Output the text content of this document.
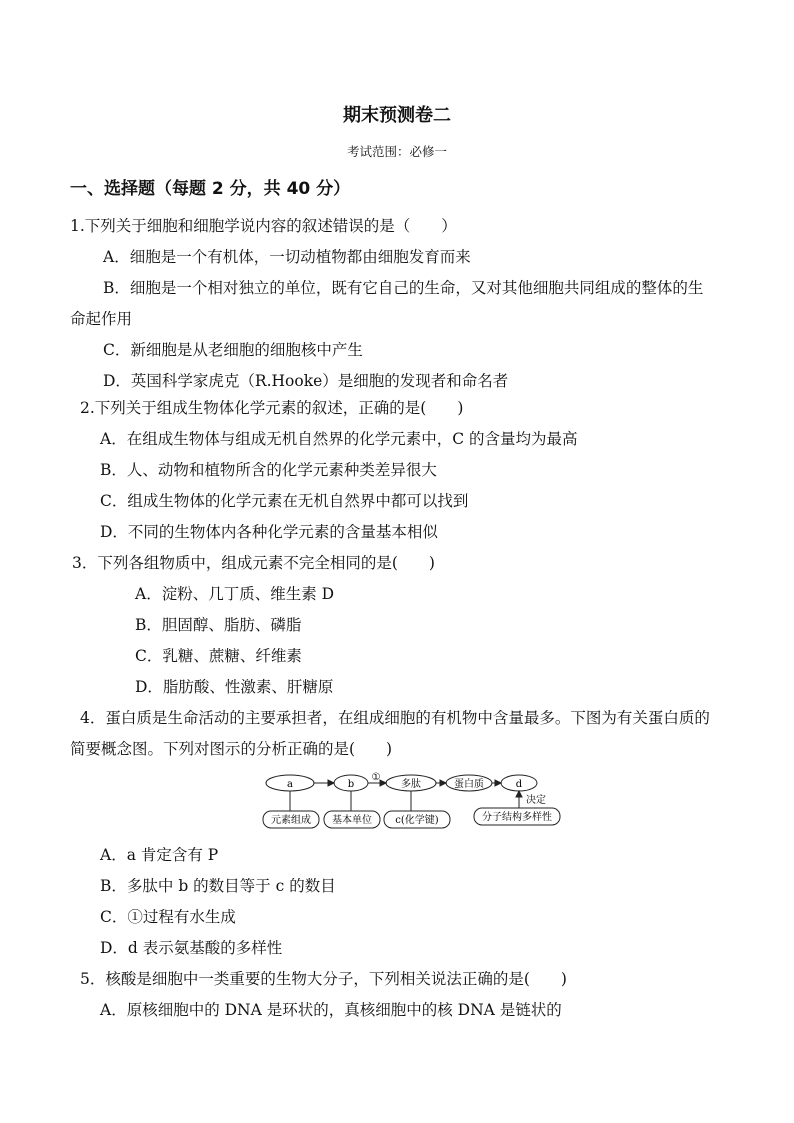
期末预测卷二
考试范围：必修一
一、选择题（每题 2 分，共 40 分）
1.下列关于细胞和细胞学说内容的叙述错误的是（　　）
A．细胞是一个有机体，一切动植物都由细胞发育而来
B．细胞是一个相对独立的单位，既有它自己的生命，又对其他细胞共同组成的整体的生
命起作用
C．新细胞是从老细胞的细胞核中产生
D．英国科学家虎克（R.Hooke）是细胞的发现者和命名者
2.下列关于组成生物体化学元素的叙述，正确的是(　　)
A．在组成生物体与组成无机自然界的化学元素中，C 的含量均为最高
B．人、动物和植物所含的化学元素种类差异很大
C．组成生物体的化学元素在无机自然界中都可以找到
D．不同的生物体内各种化学元素的含量基本相似
3．下列各组物质中，组成元素不完全相同的是(　　)
A．淀粉、几丁质、维生素 D
B．胆固醇、脂肪、磷脂
C．乳糖、蔗糖、纤维素
D．脂肪酸、性激素、肝糖原
4．蛋白质是生命活动的主要承担者，在组成细胞的有机物中含量最多。下图为有关蛋白质的
简要概念图。下列对图示的分析正确的是(　　)
a	b	多肽	蛋白质	d
①
决定
元素组成 基本单位 c(化学键)	分子结构多样性
A．a 肯定含有 P
B．多肽中 b 的数目等于 c 的数目
C．①过程有水生成
D．d 表示氨基酸的多样性
5．核酸是细胞中一类重要的生物大分子，下列相关说法正确的是(　　)
A．原核细胞中的 DNA 是环状的，真核细胞中的核 DNA 是链状的
